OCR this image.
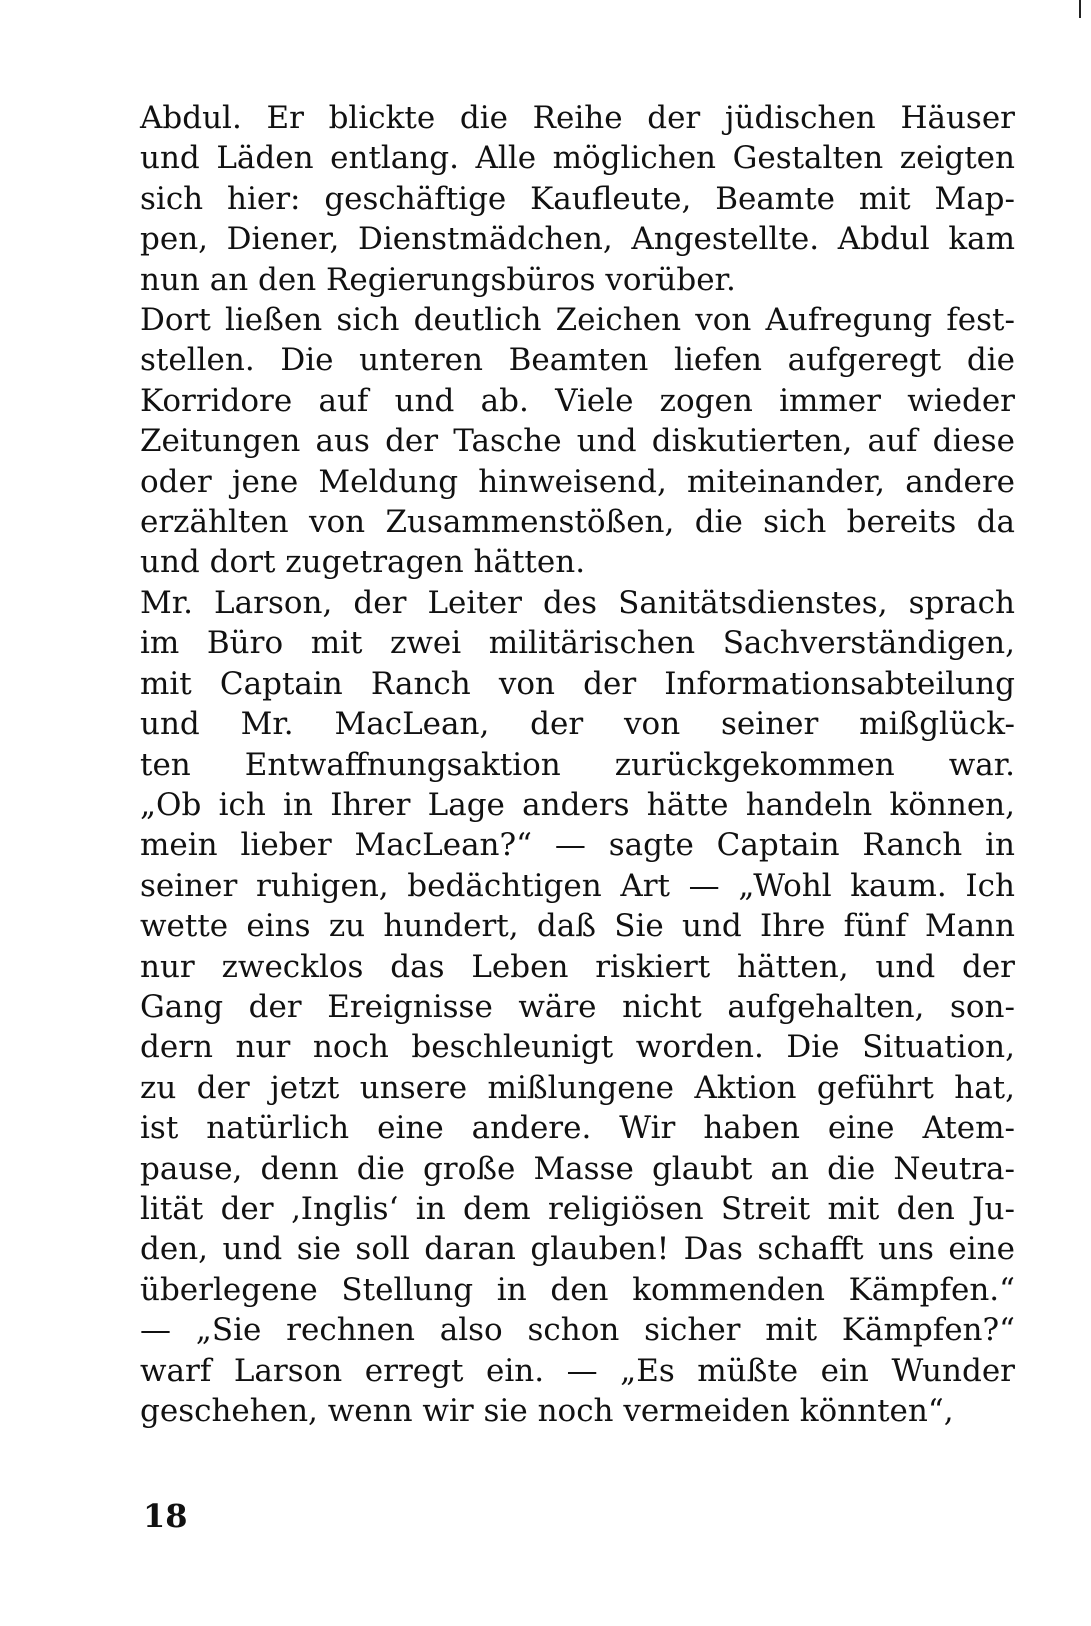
Abdul. Er blickte die Reihe der jüdischen Häuser
und Läden entlang. Alle möglichen Gestalten zeigten
sich hier: geschäftige Kaufleute, Beamte mit Map-
pen, Diener, Dienstmädchen, Angestellte. Abdul kam
nun an den Regierungsbüros vorüber.

Dort ließen sich deutlich Zeichen von Aufregung fest-
stellen. Die unteren Beamten liefen aufgeregt die
Korridore auf und ab. Viele zogen immer wieder
Zeitungen aus der Tasche und diskutierten, auf diese
oder jene Meldung hinweisend, miteinander, andere
erzählten von Zusammenstößen, die sich bereits da
und dort zugetragen hätten.

Mr. Larson, der Leiter des Sanitätsdienstes, sprach
im Büro mit zwei militärischen Sachverständigen,
mit Captain Ranch von der Informationsabteilung
und Mr. MacLean, der von seiner mißglück-
ten Entwaffnungsaktion zurückgekommen war.
„Ob ich in Ihrer Lage anders hätte handeln können,
mein lieber MacLean?“ — sagte Captain Ranch in
seiner ruhigen, bedächtigen Art — „Wohl kaum. Ich
wette eins zu hundert, daß Sie und Ihre fünf Mann
nur zwecklos das Leben riskiert hätten, und der
Gang der Ereignisse wäre nicht aufgehalten, son-
dern nur noch beschleunigt worden. Die Situation,
zu der jetzt unsere mißlungene Aktion geführt hat,
ist natürlich eine andere. Wir haben eine Atem-
pause, denn die große Masse glaubt an die Neutra-
lität der ‚Inglis‘ in dem religiösen Streit mit den Ju-
den, und sie soll daran glauben! Das schafft uns eine
überlegene Stellung in den kommenden Kämpfen.“
— „Sie rechnen also schon sicher mit Kämpfen?“
warf Larson erregt ein. — „Es müßte ein Wunder
geschehen, wenn wir sie noch vermeiden könnten“,

18
